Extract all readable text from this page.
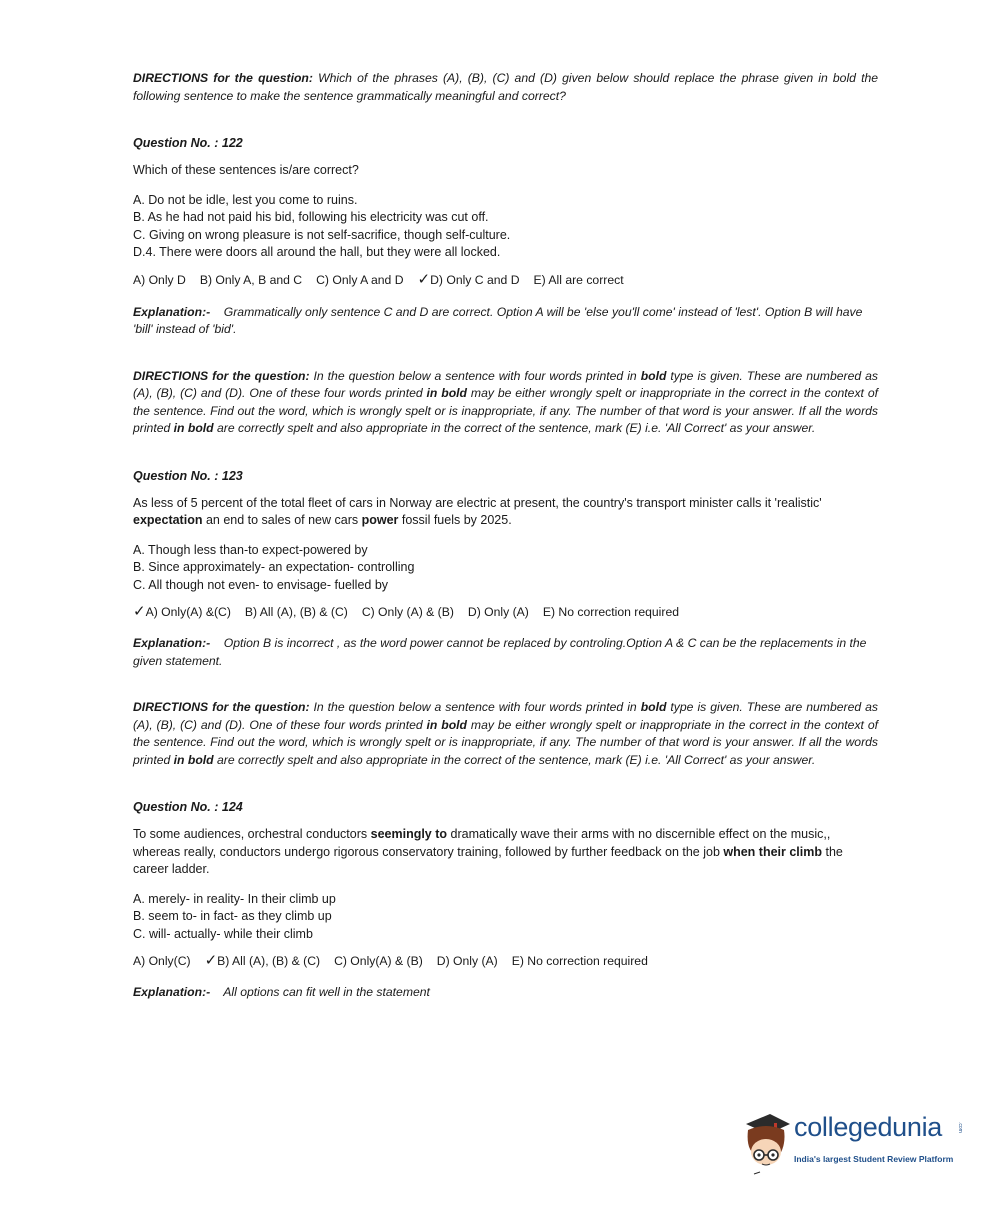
DIRECTIONS for the question: Which of the phrases (A), (B), (C) and (D) given below should replace the phrase given in bold the following sentence to make the sentence grammatically meaningful and correct?

Question No. : 122

Which of these sentences is/are correct?

A. Do not be idle, lest you come to ruins.

B. As he had not paid his bid, following his electricity was cut off.

C. Giving on wrong pleasure is not self-sacrifice, though self-culture.

D.4. There were doors all around the hall, but they were all locked.

A) Only D B) Only A, B and C C) Only A and D ✓D) Only C and D E) All are correct

Explanation:- Grammatically only sentence C and D are correct. Option A will be 'else you'll come' instead of 'lest'. Option B will have 'bill' instead of 'bid'.

DIRECTIONS for the question: In the question below a sentence with four words printed in bold type is given. These are numbered as (A), (B), (C) and (D). One of these four words printed in bold may be either wrongly spelt or inappropriate in the correct in the context of the sentence. Find out the word, which is wrongly spelt or is inappropriate, if any. The number of that word is your answer. If all the words printed in bold are correctly spelt and also appropriate in the correct of the sentence, mark (E) i.e. 'All Correct' as your answer.

Question No. : 123

As less of 5 percent of the total fleet of cars in Norway are electric at present, the country's transport minister calls it 'realistic' expectation an end to sales of new cars power fossil fuels by 2025.

A. Though less than-to expect-powered by

B. Since approximately- an expectation- controlling

C. All though not even- to envisage- fuelled by

✓A) Only(A) &(C) B) All (A), (B) & (C) C) Only (A) & (B) D) Only (A) E) No correction required

Explanation:- Option B is incorrect , as the word power cannot be replaced by controling.Option A & C can be the replacements in the given statement.

DIRECTIONS for the question: In the question below a sentence with four words printed in bold type is given. These are numbered as (A), (B), (C) and (D). One of these four words printed in bold may be either wrongly spelt or inappropriate in the correct in the context of the sentence. Find out the word, which is wrongly spelt or is inappropriate, if any. The number of that word is your answer. If all the words printed in bold are correctly spelt and also appropriate in the correct of the sentence, mark (E) i.e. 'All Correct' as your answer.

Question No. : 124

To some audiences, orchestral conductors seemingly to dramatically wave their arms with no discernible effect on the music,, whereas really, conductors undergo rigorous conservatory training, followed by further feedback on the job when their climb the career ladder.

A. merely- in reality- In their climb up

B. seem to- in fact- as they climb up

C. will- actually- while their climb

A) Only(C) ✓B) All (A), (B) & (C) C) Only(A) & (B) D) Only (A) E) No correction required

Explanation:- All options can fit well in the statement

collegedunia	.com
India's largest Student Review Platform
